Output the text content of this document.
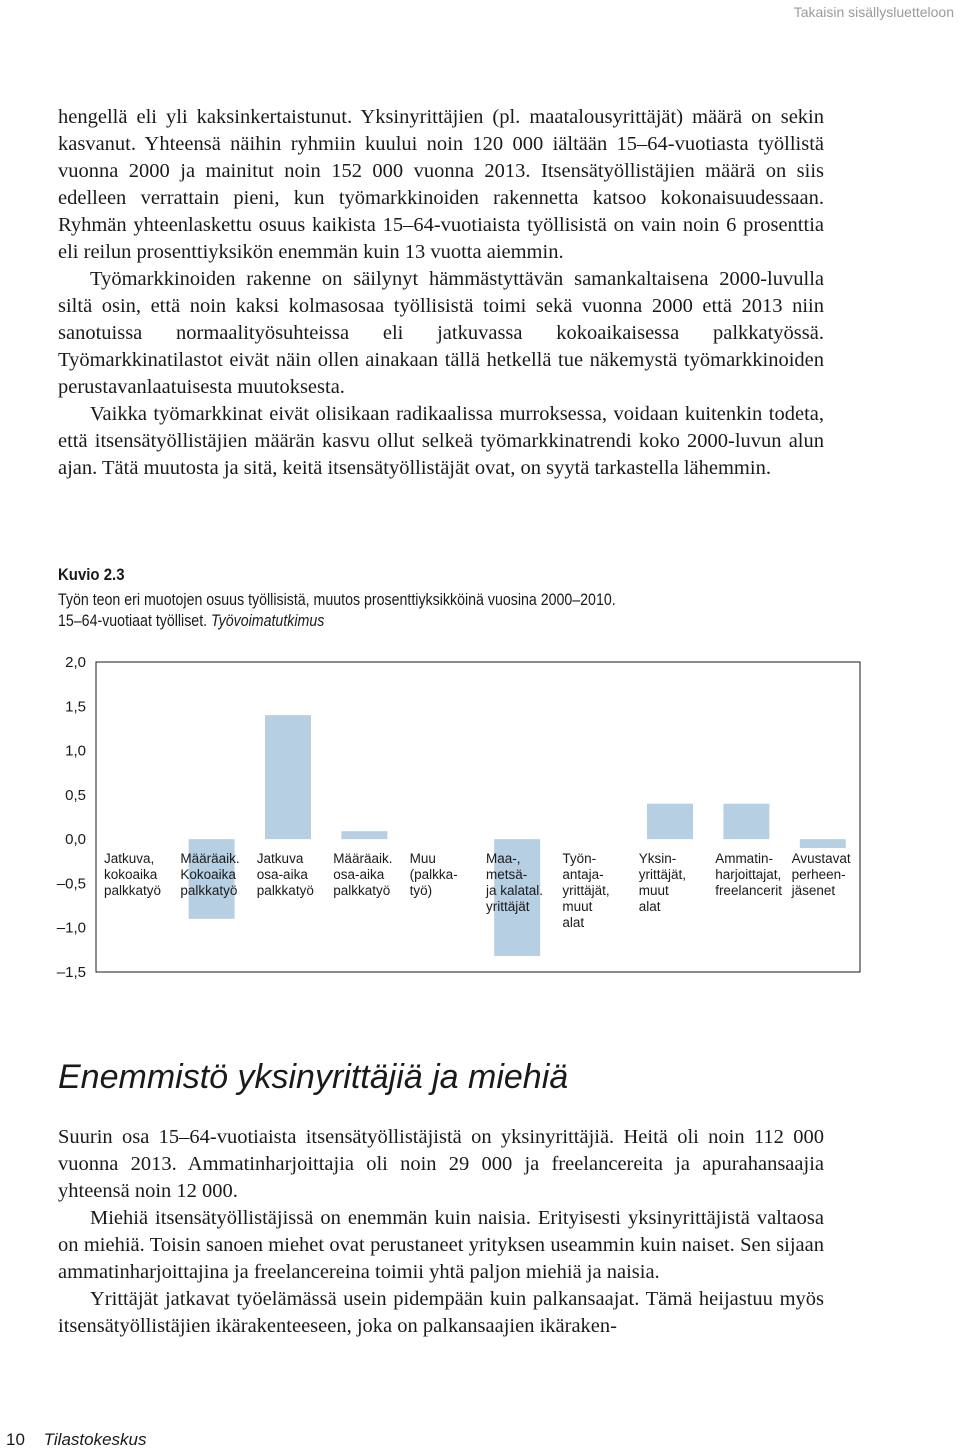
Takaisin sisällysluetteloon

hengellä eli yli kaksinkertaistunut. Yksinyrittäjien (pl. maatalousyrittäjät) määrä on sekin kasvanut. Yhteensä näihin ryhmiin kuului noin 120 000 iältään 15–64-vuotiasta työllistä vuonna 2000 ja mainitut noin 152 000 vuonna 2013. Itsensätyöllistäjien määrä on siis edelleen verrattain pieni, kun työmarkkinoiden rakennetta katsoo kokonaisuudessaan. Ryhmän yhteenlaskettu osuus kaikista 15–64-vuotiaista työllisistä on vain noin 6 prosenttia eli reilun prosenttiyksikön enemmän kuin 13 vuotta aiemmin.

Työmarkkinoiden rakenne on säilynyt hämmästyttävän samankaltaisena 2000-luvulla siltä osin, että noin kaksi kolmasosaa työllisistä toimi sekä vuonna 2000 että 2013 niin sanotuissa normaalityösuhteissa eli jatkuvassa kokoaikaisessa palkkatyössä. Työmarkkinatilastot eivät näin ollen ainakaan tällä hetkellä tue näkemystä työmarkkinoiden perustavanlaatuisesta muutoksesta.

Vaikka työmarkkinat eivät olisikaan radikaalissa murroksessa, voidaan kuitenkin todeta, että itsensätyöllistäjien määrän kasvu ollut selkeä työmarkkinatrendi koko 2000-luvun alun ajan. Tätä muutosta ja sitä, keitä itsensätyöllistäjät ovat, on syytä tarkastella lähemmin.

Kuvio 2.3
Työn teon eri muotojen osuus työllisistä, muutos prosenttiyksikköinä vuosina 2000–2010.
15–64-vuotiaat työlliset. Työvoimatutkimus
2,0
1,5
1,0
0,5
0,0
–0,5
–1,0
–1,5
Jatkuva, kokoaika palkkatyö
Määräaik. Kokoaika palkkatyö
Jatkuva osa-aika palkkatyö
Määräaik. osa-aika palkkatyö
Muu (palkka-työ)
Maa-, metsä-ja kalatal. yrittäjät
Työn-antaja-yrittäjät, muut alat
Yksin-yrittäjät, muut alat
Ammatin-harjoittajat, freelancerit
Avustavat perheen-jäsenet
Enemmistö yksinyrittäjiä ja miehiä

Suurin osa 15–64-vuotiaista itsensätyöllistäjistä on yksinyrittäjiä. Heitä oli noin 112 000 vuonna 2013. Ammatinharjoittajia oli noin 29 000 ja freelancereita ja apurahansaajia yhteensä noin 12 000.

Miehiä itsensätyöllistäjissä on enemmän kuin naisia. Erityisesti yksinyrittäjistä valtaosa on miehiä. Toisin sanoen miehet ovat perustaneet yrityksen useammin kuin naiset. Sen sijaan ammatinharjoittajina ja freelancereina toimii yhtä paljon miehiä ja naisia.

Yrittäjät jatkavat työelämässä usein pidempään kuin palkansaajat. Tämä heijastuu myös itsensätyöllistäjien ikärakenteeseen, joka on palkansaajien ikäraken-

10 Tilastokeskus
